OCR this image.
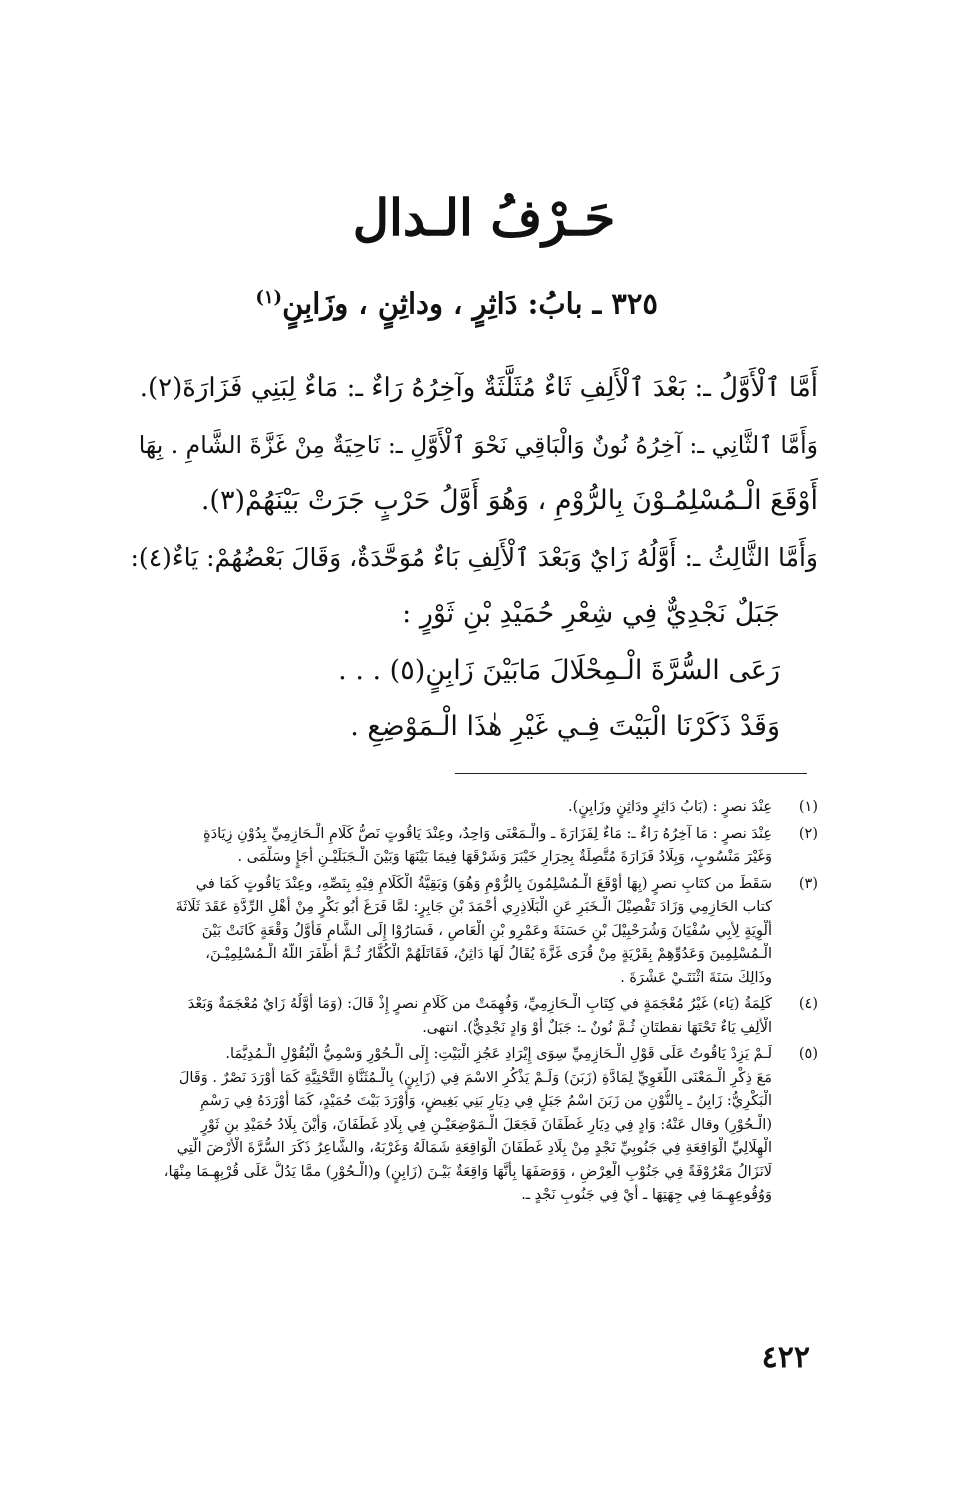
حَـرْفُ الـدال
٣٢٥ ـ بابُ: دَاثِرٍ ، وداثِنٍ ، وزَابِنٍ$^{(١)}$
أَمَّا ٱلْأَوَّلُ ـ: بَعْدَ ٱلْأَلِفِ ثَاءٌ مُثَلَّثَةٌ وآخِرُهُ رَاءٌ ـ: مَاءٌ لِبَنِي فَزَارَةَ(٢).
وَأَمَّا ٱلثَّانِي ـ: آخِرُهُ نُونٌ وَالْبَاقِي نَحْوَ ٱلْأَوَّلِ ـ: نَاحِيَةٌ مِنْ غَزَّةَ الشَّامِ . بِهَا
أَوْقَعَ الْـمُسْلِمُـوْنَ بِالرُّوْمِ ، وَهُوَ أَوَّلُ حَرْبٍ جَرَتْ بَيْنَهُمْ(٣).
وَأَمَّا الثَّالِثُ ـ: أَوَّلُهُ زَايٌ وَبَعْدَ ٱلْأَلِفِ بَاءٌ مُوَحَّدَةٌ، وَقَالَ بَعْضُهُمْ: يَاءٌ(٤):
جَبَلٌ نَجْدِيٌّ فِي شِعْرِ حُمَيْدِ بْنِ ثَوْرٍ :
رَعَى السُّرَّةَ الْـمِحْلَالَ مَابَيْنَ زَابِنٍ(٥) . . .
وَقَدْ ذَكَرْنَا الْبَيْتَ فِـي غَيْرِ هٰذَا الْـمَوْضِعِ .
(١)
عِنْدَ نصرٍ : (بَابُ دَاثِرٍ ودَاثِنٍ وزَابِنٍ).
(٢)
عِنْدَ نصرٍ : مَا آخِرُهُ رَاءٌ ـ: مَاءٌ لِفَزَارَةَ ـ والْـمَعْنَى وَاحِدٌ، وعِنْدَ يَاقُوتٍ نَصُّ كَلَامِ الْـحَازِمِيِّ بِدُوْنِ زِيَادَةٍ
وَغَيْرَ مَنْسُوبٍ، وَبِلَادُ فَزَارَةَ مُتَّصِلَةٌ بِحِرَارِ خَيْبَرَ وَشَرْقَهَا فِيمَا بَيْنَهَا وَبَيْنَ الْـجَبَلَيْـنِ أَجَإٍ وسَلْمَى .
(٣)
سَقَطَ من كتَابِ نصرٍ (بِهَا أَوْقَعَ الْـمُسْلِمُونَ بِالرُّوْمِ وَهُوَ) وَبَقِيَّةُ الْكَلَامِ فِيْهِ بِنَصِّهِ، وعِنْدَ يَاقُوتٍ كَمَا في
كتاب الحَازِمِي وَزَادَ تَفْصِيْلَ الْـخَبَرِ عَنِ الْبَلَاذِرِي أَحْمَدَ بْنِ جَابِرٍ: لمَّا فَرَغَ أَبُو بَكْرٍ مِنْ أَهْلِ الرِّدَّةِ عَقَدَ ثَلَاثَةَ
أَلْوِيَةٍ لِأَبِي سُفْيَانَ وَشُرَحْبِيْلَ بْنِ حَسَنَةَ وعَمْرِو بْنِ الْعَاصِ ، فَسَارُوْا إِلَى الشَّامِ فَأَوَّلُ وَقْعَةٍ كَانَتْ بَيْنَ
الْـمُسْلِمِينَ وَعَدُوِّهِمْ بِقَرْيَةٍ مِنْ قُرَى غَزَّةَ يُقَالُ لَهَا دَاثِنُ، فَقَاتَلَهُمْ الْكُفَّارُ ثُـمَّ أَظْفَرَ اللَّهُ الْـمُسْلِمِيْـنَ،
وذَالِكَ سَنَةَ اثْنَتَـيْ عَشْرَةَ .
(٤)
كَلِمَةُ (يَاء) غَيْرُ مُعْجَمَةٍ في كِتَابِ الْـحَازِمِيِّ، وَفُهِمَتْ من كَلَامِ نصرٍ إِذْ قَالَ: (وَمَا أَوَّلُهُ زَايٌ مُعْجَمَةٌ وَبَعْدَ
الْأَلِفِ يَاءٌ تَحْتَهَا نقطتَانِ ثُـمَّ نُونٌ ـ: جَبَلٌ أَوْ وَادٍ نَجْدِيٌّ). انتهى.
(٥)
لَـمْ يَزِدْ يَاقُوتُ عَلَى قَوْلِ الْـحَازِمِيِّ سِوَى إِيْرَادِ عَجُزِ الْبَيْتِ: إِلَى الْـحُوْرِ وَسْمِيُّ الْبُقُوْلِ الْـمُدِيَّمَا.
مَعَ ذِكْرِ الْـمَعْنَى اللُّغَوِيِّ لِمَادَّةِ (زَبَنَ) وَلَـمْ يَذْكُرِ الاسْمَ فِي (زَابِنٍ) بِالْـمُثَنَّاةِ التَّحْتِيَّةِ كَمَا أَوْرَدَ نَصْرٌ . وَقَالَ
الْبَكْرِيُّ: زَابِنُ ـ بِالنُّوْنِ من زَبَنَ اسْمُ جَبَلٍ فِي دِيَارِ بَنِي بَغِيضٍ، وَأَوْرَدَ بَيْتَ حُمَيْدٍ، كَمَا أَوْرَدَهُ فِي رَسْمِ
(الْـحُوْرِ) وقال عَنْهُ: وَادٍ فِي دِيَارِ غَطَفَانَ فَجَعَلَ الْـمَوْضِعَيْـنِ فِي بِلَادِ غَطَفَانَ، وَأَيْنَ بِلَادُ حُمَيْدِ بنِ ثَوْرٍ
الْهِلَالِيِّ الْوَاقِعَةِ فِي جَنُوبِيِّ نَجْدٍ مِنْ بِلَادِ غَطَفَانَ الْوَاقِعَةِ شَمَالَهُ وَغَرْبَهُ، والشَّاعِرُ ذَكَرَ السُّرَّةَ الْأَرْضَ الَّتِي
لَانَزَالُ مَعْرُوْفَةً فِي جَنُوْبِ الْعِرْضِ ، وَوَصَفَهَا بِأَنَّهَا وَاقِعَةٌ بَيْـنَ (زَابِنٍ) و(الْـحُوْرِ) ممَّا يَدُلُّ عَلَى قُرْبِهِـمَا مِنْهَا،
وَوُقُوعِهِـمَا فِي جِهَتِهَا ـ أَيْ فِي جَنُوبِ نَجْدٍ ـ.
٤٢٢
